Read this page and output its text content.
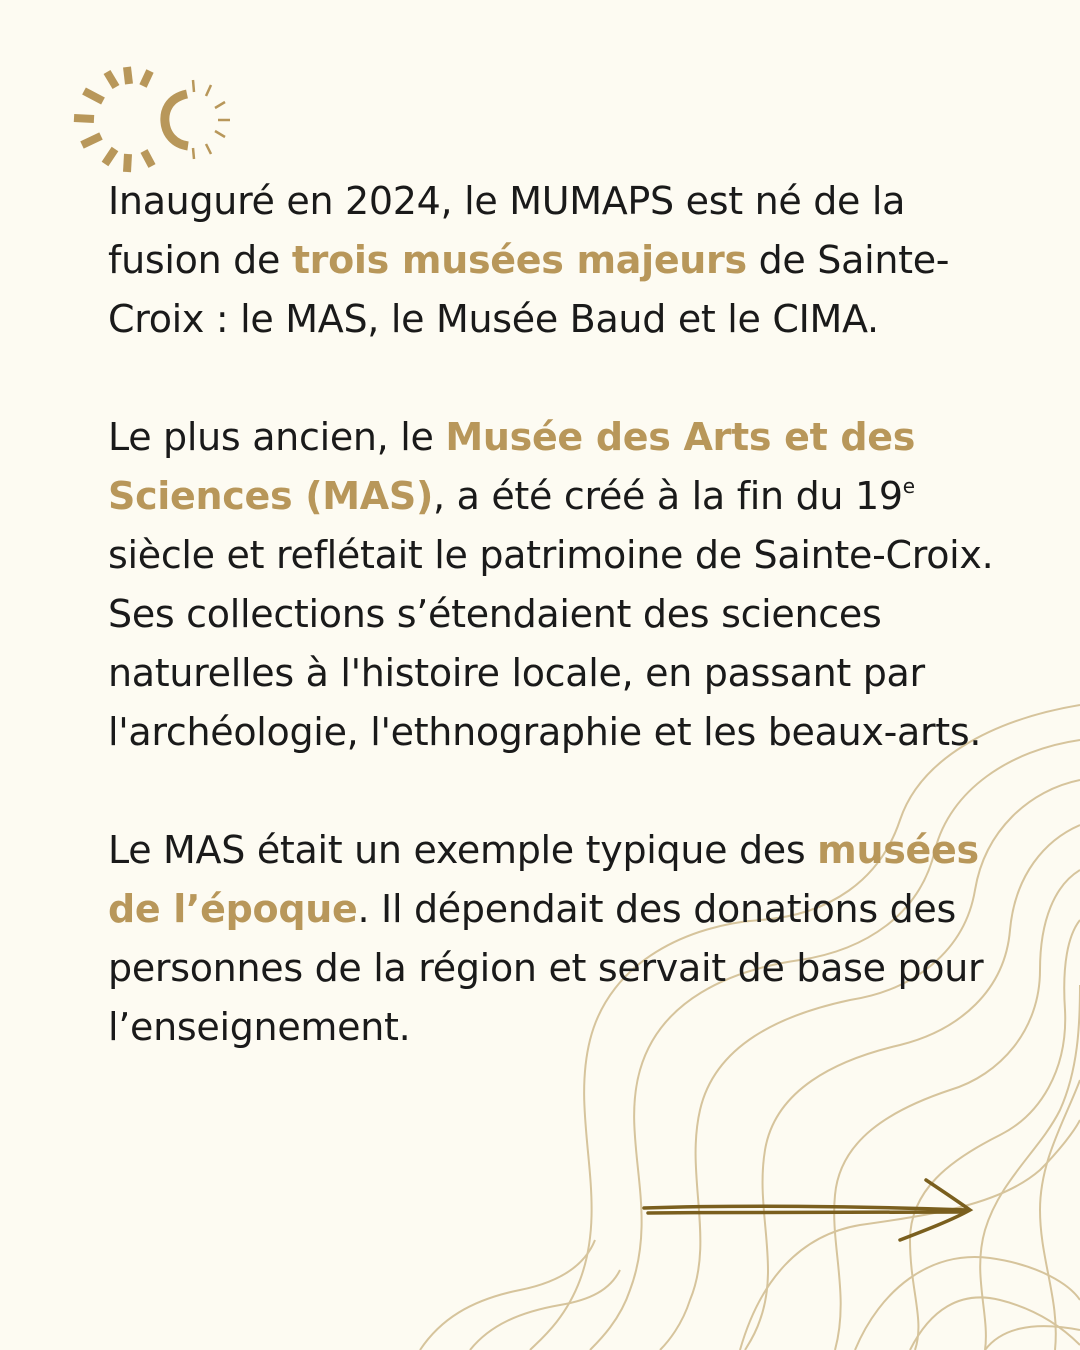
Inauguré en 2024, le MUMAPS est né de la fusion de trois musées majeurs de Sainte-Croix : le MAS, le Musée Baud et le CIMA.

Le plus ancien, le Musée des Arts et des Sciences (MAS), a été créé à la fin du 19e siècle et reflétait le patrimoine de Sainte-Croix. Ses collections s’étendaient des sciences naturelles à l'histoire locale, en passant par l'archéologie, l'ethnographie et les beaux-arts.

Le MAS était un exemple typique des musées de l’époque. Il dépendait des donations des personnes de la région et servait de base pour l’enseignement.
